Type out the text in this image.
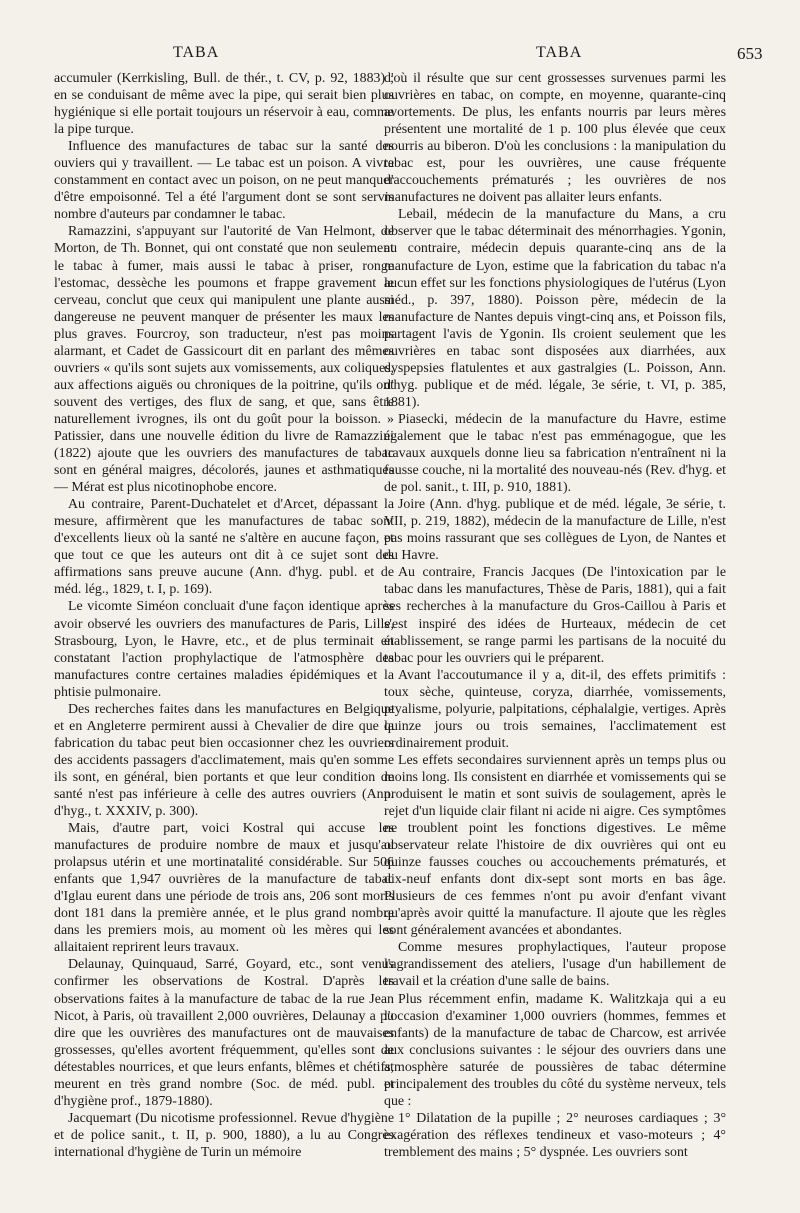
TABA	TABA	653

accumuler (Kerrkisling, Bull. de thér., t. CV, p. 92, 1883) ; en se conduisant de même avec la pipe, qui serait bien plus hygiénique si elle portait toujours un réservoir à eau, comme la pipe turque.

Influence des manufactures de tabac sur la santé des ouviers qui y travaillent. — Le tabac est un poison. A vivre constamment en contact avec un poison, on ne peut manquer d'être empoisonné. Tel a été l'argument dont se sont servis nombre d'auteurs par condamner le tabac.

Ramazzini, s'appuyant sur l'autorité de Van Helmont, de Morton, de Th. Bonnet, qui ont constaté que non seulement le tabac à fumer, mais aussi le tabac à priser, ronge l'estomac, dessèche les poumons et frappe gravement le cerveau, conclut que ceux qui manipulent une plante aussi dangereuse ne peuvent manquer de présenter les maux les plus graves. Fourcroy, son traducteur, n'est pas moins alarmant, et Cadet de Gassicourt dit en parlant des mêmes ouvriers « qu'ils sont sujets aux vomissements, aux coliques, aux affections aiguës ou chroniques de la poitrine, qu'ils ont souvent des vertiges, des flux de sang, et que, sans être naturellement ivrognes, ils ont du goût pour la boisson. » Patissier, dans une nouvelle édition du livre de Ramazzini (1822) ajoute que les ouvriers des manufactures de tabac sont en général maigres, décolorés, jaunes et asthmatiques — Mérat est plus nicotinophobe encore.

Au contraire, Parent-Duchatelet et d'Arcet, dépassant la mesure, affirmèrent que les manufactures de tabac sont d'excellents lieux où la santé ne s'altère en aucune façon, et que tout ce que les auteurs ont dit à ce sujet sont des affirmations sans preuve aucune (Ann. d'hyg. publ. et de méd. lég., 1829, t. I, p. 169).

Le vicomte Siméon concluait d'une façon identique après avoir observé les ouvriers des manufactures de Paris, Lille, Strasbourg, Lyon, le Havre, etc., et de plus terminait en constatant l'action prophylactique de l'atmosphère des manufactures contre certaines maladies épidémiques et la phtisie pulmonaire.

Des recherches faites dans les manufactures en Belgique et en Angleterre permirent aussi à Chevalier de dire que la fabrication du tabac peut bien occasionner chez les ouvriers des accidents passagers d'acclimatement, mais qu'en somme ils sont, en général, bien portants et que leur condition de santé n'est pas inférieure à celle des autres ouvriers (Ann. d'hyg., t. XXXIV, p. 300).

Mais, d'autre part, voici Kostral qui accuse les manufactures de produire nombre de maux et jusqu'au prolapsus utérin et une mortinatalité considérable. Sur 506 enfants que 1,947 ouvrières de la manufacture de tabac d'Iglau eurent dans une période de trois ans, 206 sont morts dont 181 dans la première année, et le plus grand nombre dans les premiers mois, au moment où les mères qui les allaitaient reprirent leurs travaux.

Delaunay, Quinquaud, Sarré, Goyard, etc., sont venus confirmer les observations de Kostral. D'après les observations faites à la manufacture de tabac de la rue Jean Nicot, à Paris, où travaillent 2,000 ouvrières, Delaunay a pu dire que les ouvrières des manufactures ont de mauvaises grossesses, qu'elles avortent fréquemment, qu'elles sont de détestables nourrices, et que leurs enfants, blêmes et chétifs, meurent en très grand nombre (Soc. de méd. publ. et d'hygiène prof., 1879-1880).

Jacquemart (Du nicotisme professionnel. Revue d'hygiène et de police sanit., t. II, p. 900, 1880), a lu au Congrès international d'hygiène de Turin un mémoire

d'où il résulte que sur cent grossesses survenues parmi les ouvrières en tabac, on compte, en moyenne, quarante-cinq avortements. De plus, les enfants nourris par leurs mères présentent une mortalité de 1 p. 100 plus élevée que ceux nourris au biberon. D'où les conclusions : la manipulation du tabac est, pour les ouvrières, une cause fréquente d'accouchements prématurés ; les ouvrières de nos manufactures ne doivent pas allaiter leurs enfants.

Lebail, médecin de la manufacture du Mans, a cru observer que le tabac déterminait des ménorrhagies. Ygonin, au contraire, médecin depuis quarante-cinq ans de la manufacture de Lyon, estime que la fabrication du tabac n'a aucun effet sur les fonctions physiologiques de l'utérus (Lyon méd., p. 397, 1880). Poisson père, médecin de la manufacture de Nantes depuis vingt-cinq ans, et Poisson fils, partagent l'avis de Ygonin. Ils croient seulement que les ouvrières en tabac sont disposées aux diarrhées, aux dyspepsies flatulentes et aux gastralgies (L. Poisson, Ann. d'hyg. publique et de méd. légale, 3e série, t. VI, p. 385, 1881).

Piasecki, médecin de la manufacture du Havre, estime également que le tabac n'est pas emménagogue, que les travaux auxquels donne lieu sa fabrication n'entraînent ni la fausse couche, ni la mortalité des nouveau-nés (Rev. d'hyg. et de pol. sanit., t. III, p. 910, 1881).

Joire (Ann. d'hyg. publique et de méd. légale, 3e série, t. VII, p. 219, 1882), médecin de la manufacture de Lille, n'est pas moins rassurant que ses collègues de Lyon, de Nantes et du Havre.

Au contraire, Francis Jacques (De l'intoxication par le tabac dans les manufactures, Thèse de Paris, 1881), qui a fait ses recherches à la manufacture du Gros-Caillou à Paris et s'est inspiré des idées de Hurteaux, médecin de cet établissement, se range parmi les partisans de la nocuité du tabac pour les ouvriers qui le préparent.

Avant l'accoutumance il y a, dit-il, des effets primitifs : toux sèche, quinteuse, coryza, diarrhée, vomissements, ptyalisme, polyurie, palpitations, céphalalgie, vertiges. Après quinze jours ou trois semaines, l'acclimatement est ordinairement produit.

Les effets secondaires surviennent après un temps plus ou moins long. Ils consistent en diarrhée et vomissements qui se produisent le matin et sont suivis de soulagement, après le rejet d'un liquide clair filant ni acide ni aigre. Ces symptômes ne troublent point les fonctions digestives. Le même observateur relate l'histoire de dix ouvrières qui ont eu quinze fausses couches ou accouchements prématurés, et dix-neuf enfants dont dix-sept sont morts en bas âge. Plusieurs de ces femmes n'ont pu avoir d'enfant vivant qu'après avoir quitté la manufacture. Il ajoute que les règles sont généralement avancées et abondantes.

Comme mesures prophylactiques, l'auteur propose l'agrandissement des ateliers, l'usage d'un habillement de travail et la création d'une salle de bains.

Plus récemment enfin, madame K. Walitzkaja qui a eu l'occasion d'examiner 1,000 ouvriers (hommes, femmes et enfants) de la manufacture de tabac de Charcow, est arrivée aux conclusions suivantes : le séjour des ouvriers dans une atmosphère saturée de poussières de tabac détermine principalement des troubles du côté du système nerveux, tels que :

1° Dilatation de la pupille ; 2° neuroses cardiaques ; 3° exagération des réflexes tendineux et vaso-moteurs ; 4° tremblement des mains ; 5° dyspnée. Les ouvriers sont
